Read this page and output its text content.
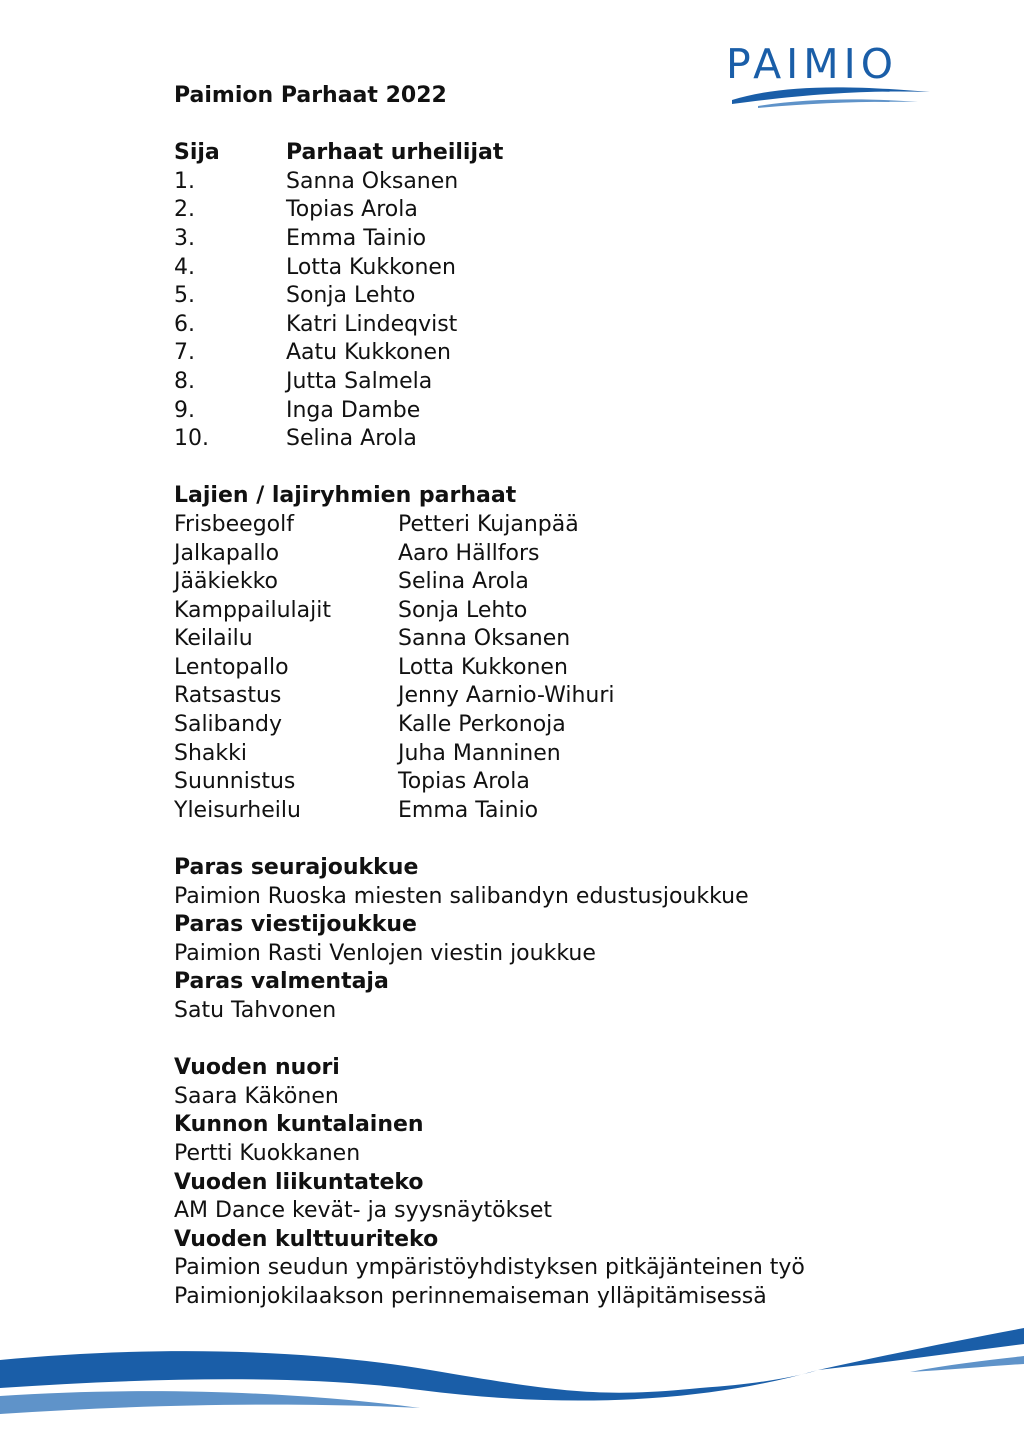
PAIMIO
Paimion Parhaat 2022
Sija	Parhaat urheilijat
1.	Sanna Oksanen
2.	Topias Arola
3.	Emma Tainio
4.	Lotta Kukkonen
5.	Sonja Lehto
6.	Katri Lindeqvist
7.	Aatu Kukkonen
8.	Jutta Salmela
9.	Inga Dambe
10.	Selina Arola
Lajien / lajiryhmien parhaat
Frisbeegolf	Petteri Kujanpää
Jalkapallo	Aaro Hällfors
Jääkiekko	Selina Arola
Kamppailulajit	Sonja Lehto
Keilailu	Sanna Oksanen
Lentopallo	Lotta Kukkonen
Ratsastus	Jenny Aarnio-Wihuri
Salibandy	Kalle Perkonoja
Shakki	Juha Manninen
Suunnistus	Topias Arola
Yleisurheilu	Emma Tainio
Paras seurajoukkue
Paimion Ruoska miesten salibandyn edustusjoukkue
Paras viestijoukkue
Paimion Rasti Venlojen viestin joukkue
Paras valmentaja
Satu Tahvonen
Vuoden nuori
Saara Käkönen
Kunnon kuntalainen
Pertti Kuokkanen
Vuoden liikuntateko
AM Dance kevät- ja syysnäytökset
Vuoden kulttuuriteko
Paimion seudun ympäristöyhdistyksen pitkäjänteinen työ
Paimionjokilaakson perinnemaiseman ylläpitämisessä
